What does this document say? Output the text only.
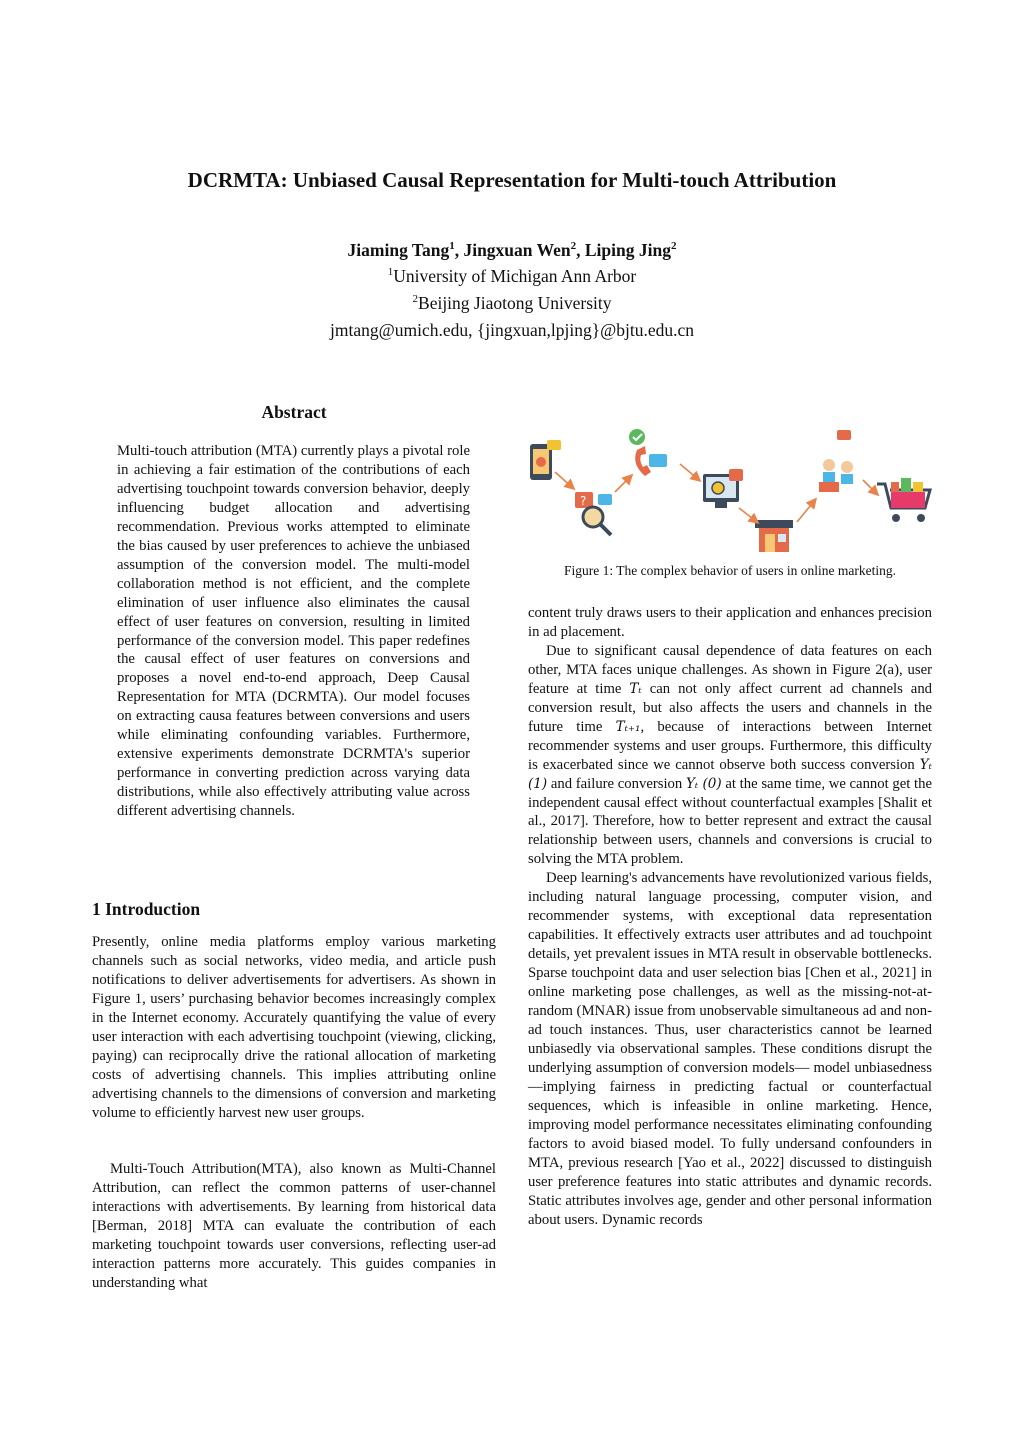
DCRMTA: Unbiased Causal Representation for Multi-touch Attribution
Jiaming Tang$^1$, Jingxuan Wen$^2$, Liping Jing$^2$
$^1$University of Michigan Ann Arbor
$^2$Beijing Jiaotong University
jmtang@umich.edu, {jingxuan,lpjing}@bjtu.edu.cn
Abstract

Multi-touch attribution (MTA) currently plays a pivotal role in achieving a fair estimation of the contributions of each advertising touchpoint towards conversion behavior, deeply influencing budget allocation and advertising recommendation. Previous works attempted to eliminate the bias caused by user preferences to achieve the unbiased assumption of the conversion model. The multi-model collaboration method is not efficient, and the complete elimination of user influence also eliminates the causal effect of user features on conversion, resulting in limited performance of the conversion model. This paper redefines the causal effect of user features on conversions and proposes a novel end-to-end approach, Deep Causal Representation for MTA (DCRMTA). Our model focuses on extracting causa features between conversions and users while eliminating confounding variables. Furthermore, extensive experiments demonstrate DCRMTA's superior performance in converting prediction across varying data distributions, while also effectively attributing value across different advertising channels.

?
Figure 1: The complex behavior of users in online marketing.
1 Introduction

Presently, online media platforms employ various marketing channels such as social networks, video media, and article push notifications to deliver advertisements for advertisers. As shown in Figure 1, users’ purchasing behavior becomes increasingly complex in the Internet economy. Accurately quantifying the value of every user interaction with each advertising touchpoint (viewing, clicking, paying) can reciprocally drive the rational allocation of marketing costs of advertising channels. This implies attributing online advertising channels to the dimensions of conversion and marketing volume to efficiently harvest new user groups.

Multi-Touch Attribution(MTA), also known as Multi-Channel Attribution, can reflect the common patterns of user-channel interactions with advertisements. By learning from historical data [Berman, 2018] MTA can evaluate the contribution of each marketing touchpoint towards user conversions, reflecting user-ad interaction patterns more accurately. This guides companies in understanding what

content truly draws users to their application and enhances precision in ad placement.

Due to significant causal dependence of data features on each other, MTA faces unique challenges. As shown in Figure 2(a), user feature at time Tₜ can not only affect current ad channels and conversion result, but also affects the users and channels in the future time Tₜ₊₁, because of interactions between Internet recommender systems and user groups. Furthermore, this difficulty is exacerbated since we cannot observe both success conversion Yₜ (1) and failure conversion Yₜ (0) at the same time, we cannot get the independent causal effect without counterfactual examples [Shalit et al., 2017]. Therefore, how to better represent and extract the causal relationship between users, channels and conversions is crucial to solving the MTA problem.

Deep learning's advancements have revolutionized various fields, including natural language processing, computer vision, and recommender systems, with exceptional data representation capabilities. It effectively extracts user attributes and ad touchpoint details, yet prevalent issues in MTA result in observable bottlenecks. Sparse touchpoint data and user selection bias [Chen et al., 2021] in online marketing pose challenges, as well as the missing-not-at-random (MNAR) issue from unobservable simultaneous ad and non-ad touch instances. Thus, user characteristics cannot be learned unbiasedly via observational samples. These conditions disrupt the underlying assumption of conversion models— model unbiasedness —implying fairness in predicting factual or counterfactual sequences, which is infeasible in online marketing. Hence, improving model performance necessitates eliminating confounding factors to avoid biased model. To fully undersand confounders in MTA, previous research [Yao et al., 2022] discussed to distinguish user preference features into static attributes and dynamic records. Static attributes involves age, gender and other personal information about users. Dynamic records
